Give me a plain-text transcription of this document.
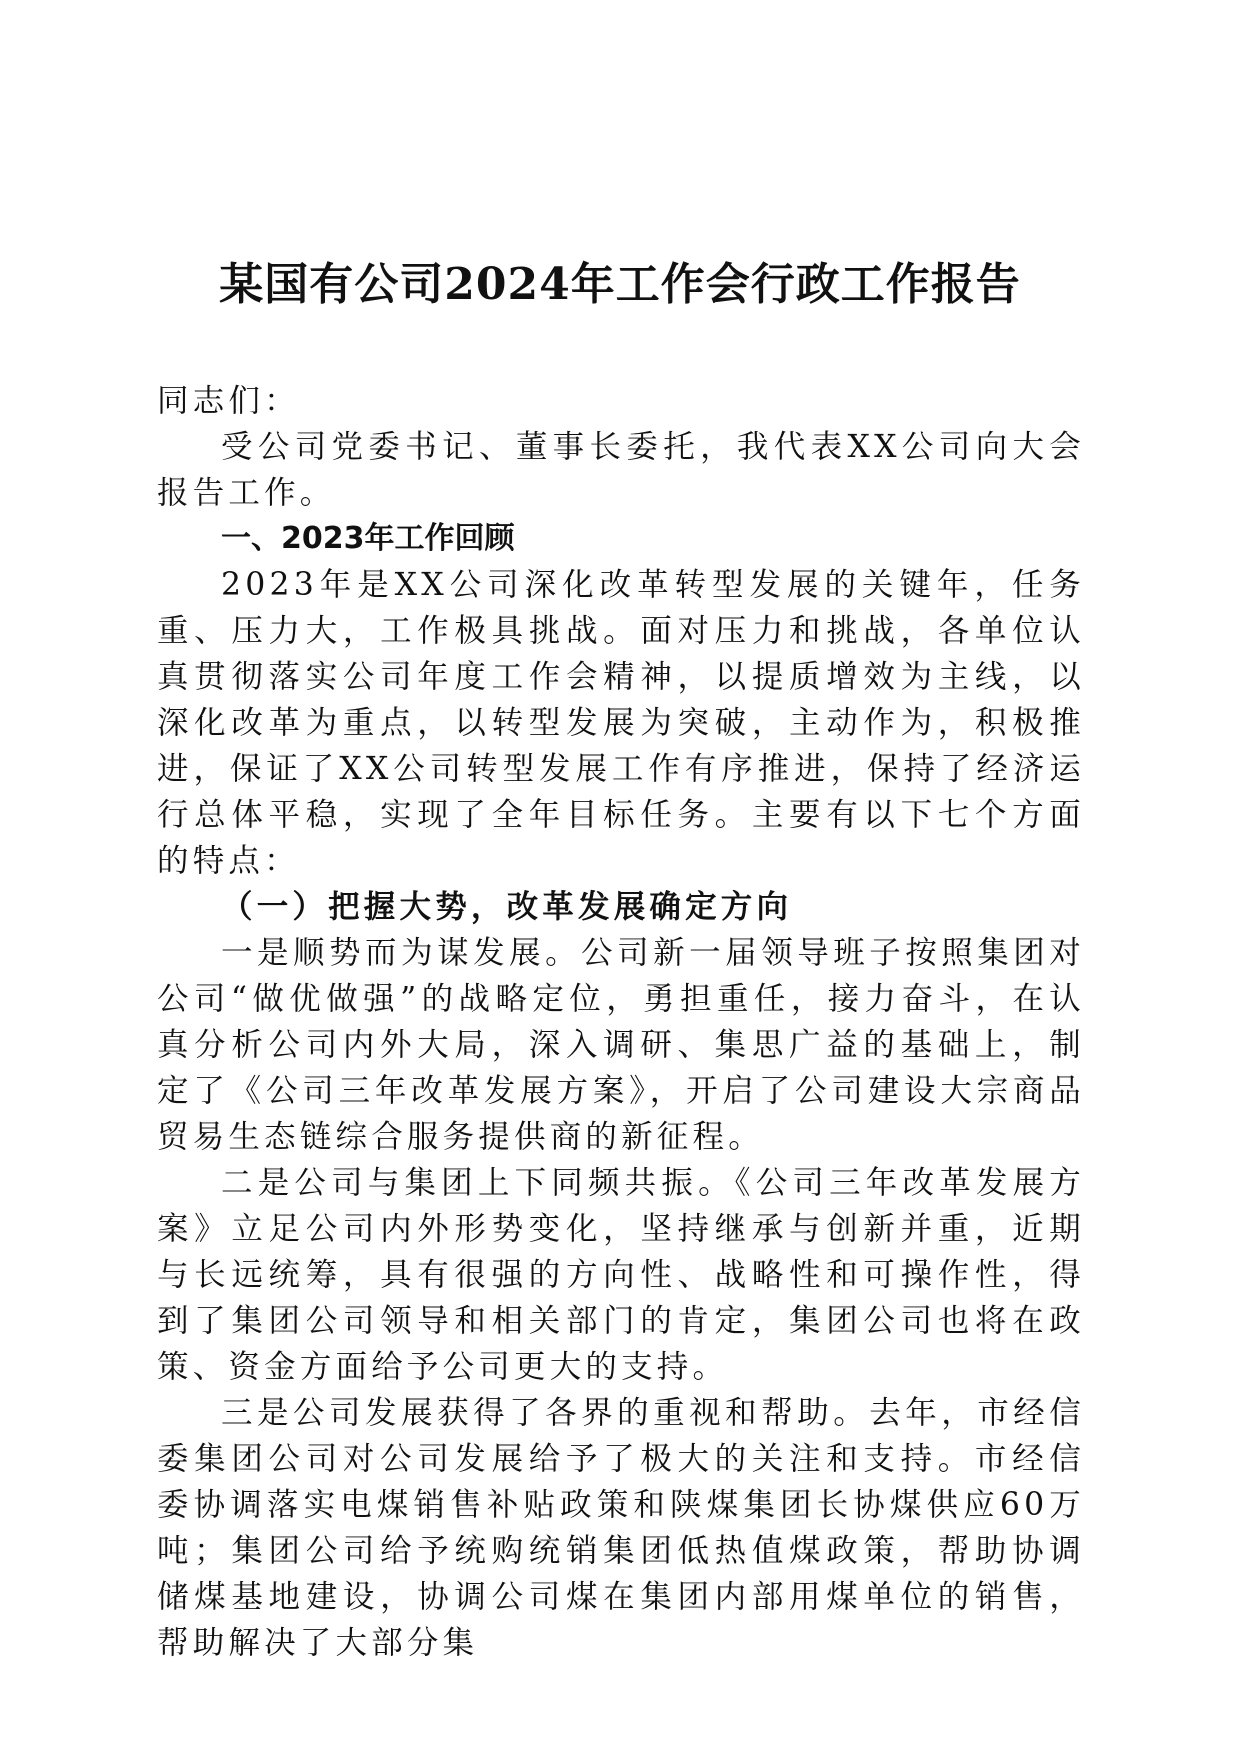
某国有公司2024年工作会行政工作报告

同志们：

受公司党委书记、董事长委托，我代表XX公司向大会报告工作。

一、2023年工作回顾

2023年是XX公司深化改革转型发展的关键年，任务重、压力大，工作极具挑战。面对压力和挑战，各单位认真贯彻落实公司年度工作会精神，以提质增效为主线，以深化改革为重点，以转型发展为突破，主动作为，积极推进，保证了XX公司转型发展工作有序推进，保持了经济运行总体平稳，实现了全年目标任务。主要有以下七个方面的特点：

（一）把握大势，改革发展确定方向

一是顺势而为谋发展。公司新一届领导班子按照集团对公司“做优做强”的战略定位，勇担重任，接力奋斗，在认真分析公司内外大局，深入调研、集思广益的基础上，制定了《公司三年改革发展方案》，开启了公司建设大宗商品贸易生态链综合服务提供商的新征程。

二是公司与集团上下同频共振。《公司三年改革发展方案》立足公司内外形势变化，坚持继承与创新并重，近期与长远统筹，具有很强的方向性、战略性和可操作性，得到了集团公司领导和相关部门的肯定，集团公司也将在政策、资金方面给予公司更大的支持。

三是公司发展获得了各界的重视和帮助。去年，市经信委集团公司对公司发展给予了极大的关注和支持。市经信委协调落实电煤销售补贴政策和陕煤集团长协煤供应60万吨；集团公司给予统购统销集团低热值煤政策，帮助协调储煤基地建设，协调公司煤在集团内部用煤单位的销售，帮助解决了大部分集
